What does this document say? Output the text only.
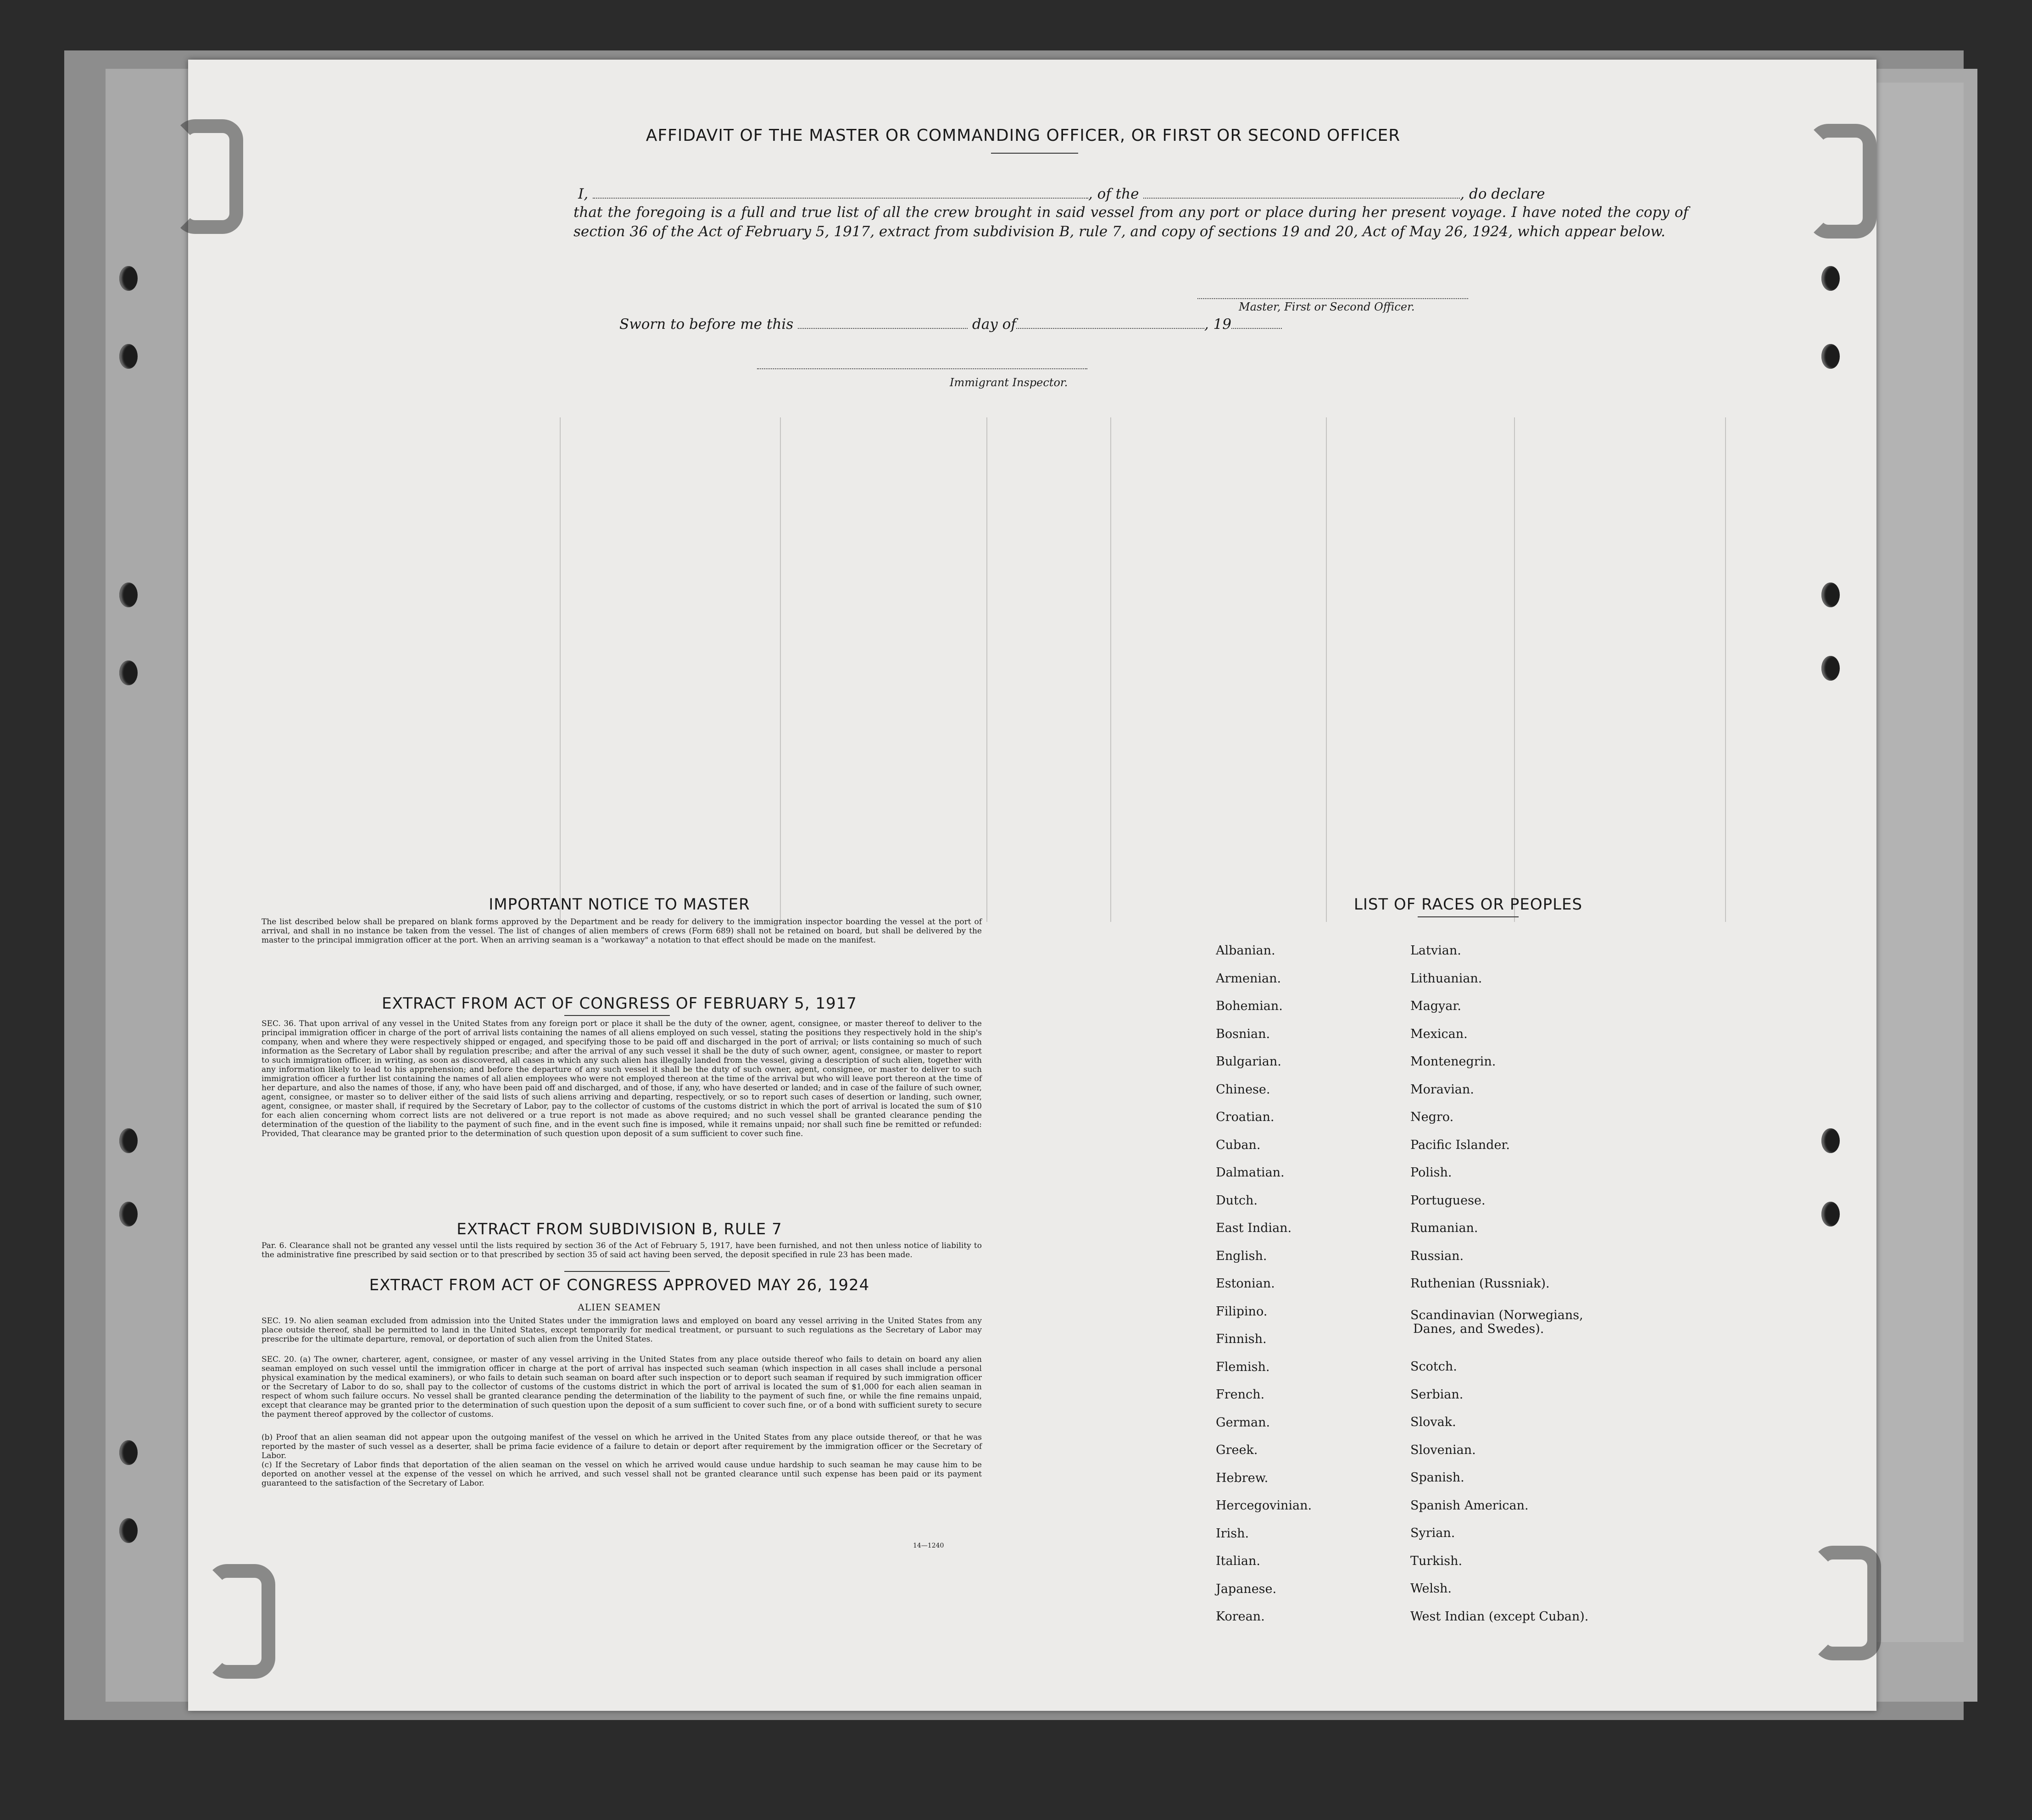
AFFIDAVIT OF THE MASTER OR COMMANDING OFFICER, OR FIRST OR SECOND OFFICER
I,	, of the	, do declare
that the foregoing is a full and true list of all the crew brought in said vessel from any port or place during her present voyage. I have noted the copy of section 36 of the Act of February 5, 1917, extract from subdivision B, rule 7, and copy of sections 19 and 20, Act of May 26, 1924, which appear below.
Master, First or Second Officer.
Sworn to before me this	day of	, 19
Immigrant Inspector.
IMPORTANT NOTICE TO MASTER
The list described below shall be prepared on blank forms approved by the Department and be ready for delivery to the immigration inspector boarding the vessel at the port of arrival, and shall in no instance be taken from the vessel. The list of changes of alien members of crews (Form 689) shall not be retained on board, but shall be delivered by the master to the principal immigration officer at the port. When an arriving seaman is a "workaway" a notation to that effect should be made on the manifest.
EXTRACT FROM ACT OF CONGRESS OF FEBRUARY 5, 1917
SEC. 36. That upon arrival of any vessel in the United States from any foreign port or place it shall be the duty of the owner, agent, consignee, or master thereof to deliver to the principal immigration officer in charge of the port of arrival lists containing the names of all aliens employed on such vessel, stating the positions they respectively hold in the ship's company, when and where they were respectively shipped or engaged, and specifying those to be paid off and discharged in the port of arrival; or lists containing so much of such information as the Secretary of Labor shall by regulation prescribe; and after the arrival of any such vessel it shall be the duty of such owner, agent, consignee, or master to report to such immigration officer, in writing, as soon as discovered, all cases in which any such alien has illegally landed from the vessel, giving a description of such alien, together with any information likely to lead to his apprehension; and before the departure of any such vessel it shall be the duty of such owner, agent, consignee, or master to deliver to such immigration officer a further list containing the names of all alien employees who were not employed thereon at the time of the arrival but who will leave port thereon at the time of her departure, and also the names of those, if any, who have been paid off and discharged, and of those, if any, who have deserted or landed; and in case of the failure of such owner, agent, consignee, or master so to deliver either of the said lists of such aliens arriving and departing, respectively, or so to report such cases of desertion or landing, such owner, agent, consignee, or master shall, if required by the Secretary of Labor, pay to the collector of customs of the customs district in which the port of arrival is located the sum of $10 for each alien concerning whom correct lists are not delivered or a true report is not made as above required; and no such vessel shall be granted clearance pending the determination of the question of the liability to the payment of such fine, and in the event such fine is imposed, while it remains unpaid; nor shall such fine be remitted or refunded: Provided, That clearance may be granted prior to the determination of such question upon deposit of a sum sufficient to cover such fine.
EXTRACT FROM SUBDIVISION B, RULE 7
Par. 6. Clearance shall not be granted any vessel until the lists required by section 36 of the Act of February 5, 1917, have been furnished, and not then unless notice of liability to the administrative fine prescribed by said section or to that prescribed by section 35 of said act having been served, the deposit specified in rule 23 has been made.
EXTRACT FROM ACT OF CONGRESS APPROVED MAY 26, 1924
ALIEN SEAMEN
SEC. 19. No alien seaman excluded from admission into the United States under the immigration laws and employed on board any vessel arriving in the United States from any place outside thereof, shall be permitted to land in the United States, except temporarily for medical treatment, or pursuant to such regulations as the Secretary of Labor may prescribe for the ultimate departure, removal, or deportation of such alien from the United States.
SEC. 20. (a) The owner, charterer, agent, consignee, or master of any vessel arriving in the United States from any place outside thereof who fails to detain on board any alien seaman employed on such vessel until the immigration officer in charge at the port of arrival has inspected such seaman (which inspection in all cases shall include a personal physical examination by the medical examiners), or who fails to detain such seaman on board after such inspection or to deport such seaman if required by such immigration officer or the Secretary of Labor to do so, shall pay to the collector of customs of the customs district in which the port of arrival is located the sum of $1,000 for each alien seaman in respect of whom such failure occurs. No vessel shall be granted clearance pending the determination of the liability to the payment of such fine, or while the fine remains unpaid, except that clearance may be granted prior to the determination of such question upon the deposit of a sum sufficient to cover such fine, or of a bond with sufficient surety to secure the payment thereof approved by the collector of customs.
(b) Proof that an alien seaman did not appear upon the outgoing manifest of the vessel on which he arrived in the United States from any place outside thereof, or that he was reported by the master of such vessel as a deserter, shall be prima facie evidence of a failure to detain or deport after requirement by the immigration officer or the Secretary of Labor.
(c) If the Secretary of Labor finds that deportation of the alien seaman on the vessel on which he arrived would cause undue hardship to such seaman he may cause him to be deported on another vessel at the expense of the vessel on which he arrived, and such vessel shall not be granted clearance until such expense has been paid or its payment guaranteed to the satisfaction of the Secretary of Labor.
14—1240
LIST OF RACES OR PEOPLES
Albanian.
Armenian.
Bohemian.
Bosnian.
Bulgarian.
Chinese.
Croatian.
Cuban.
Dalmatian.
Dutch.
East Indian.
English.
Estonian.
Filipino.
Finnish.
Flemish.
French.
German.
Greek.
Hebrew.
Hercegovinian.
Irish.
Italian.
Japanese.
Korean.
Latvian.
Lithuanian.
Magyar.
Mexican.
Montenegrin.
Moravian.
Negro.
Pacific Islander.
Polish.
Portuguese.
Rumanian.
Russian.
Ruthenian (Russniak).
Scandinavian (Norwegians,
Danes, and Swedes).
Scotch.
Serbian.
Slovak.
Slovenian.
Spanish.
Spanish American.
Syrian.
Turkish.
Welsh.
West Indian (except Cuban).
